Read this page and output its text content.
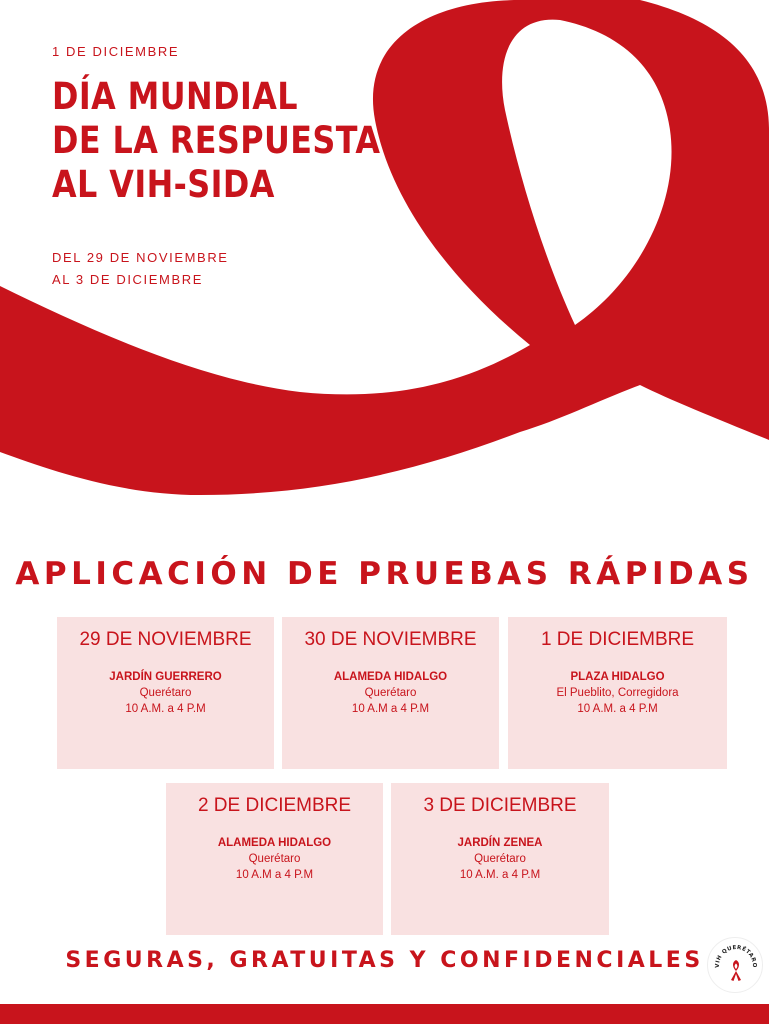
1 DE DICIEMBRE

DÍA MUNDIAL
DE LA RESPUESTA
AL VIH-SIDA
DEL 29 DE NOVIEMBRE
AL 3 DE DICIEMBRE
APLICACIÓN DE PRUEBAS RÁPIDAS

29 DE NOVIEMBRE

JARDÍN GUERRERO
Querétaro
10 A.M. a 4 P.M

30 DE NOVIEMBRE

ALAMEDA HIDALGO
Querétaro
10 A.M a 4 P.M

1 DE DICIEMBRE

PLAZA HIDALGO
El Pueblito, Corregidora
10 A.M. a 4 P.M

2 DE DICIEMBRE

ALAMEDA HIDALGO
Querétaro
10 A.M a 4 P.M

3 DE DICIEMBRE

JARDÍN ZENEA
Querétaro
10 A.M. a 4 P.M
SEGURAS, GRATUITAS Y CONFIDENCIALES	VIH QUERÉTARO
